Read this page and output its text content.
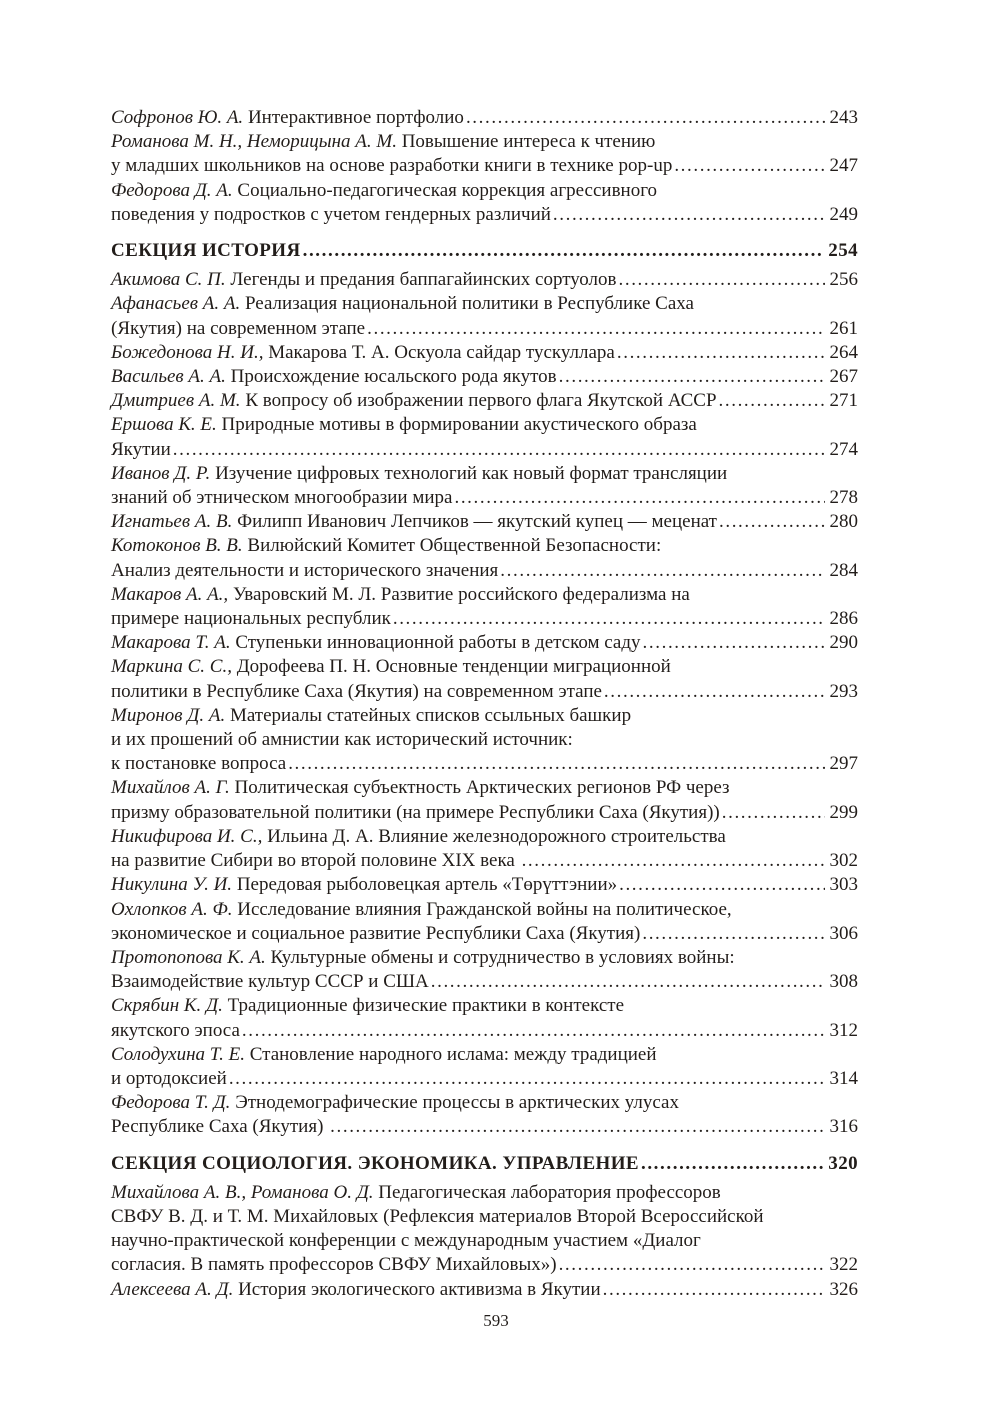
Софронов Ю. А. Интерактивное портфолио .....	243
Романова М. Н., Неморицына А. М. Повышение интереса к чтению
у младших школьников на основе разработки книги в технике pop-up .....	247
Федорова Д. А. Социально-педагогическая коррекция агрессивного
поведения у подростков с учетом гендерных различий .....	249
СЕКЦИЯ ИСТОРИЯ .....	254
Акимова С. П. Легенды и предания баппагайинских сортуолов .....	256
Афанасьев А. А. Реализация национальной политики в Республике Саха
(Якутия) на современном этапе .....	261
Божедонова Н. И., Макарова Т. А. Оскуола сайдар тускуллара .....	264
Васильев А. А. Происхождение юсальского рода якутов .....	267
Дмитриев А. М. К вопросу об изображении первого флага Якутской АССР .....	271
Ершова К. Е. Природные мотивы в формировании акустического образа
Якутии .....	274
Иванов Д. Р. Изучение цифровых технологий как новый формат трансляции
знаний об этническом многообразии мира .....	278
Игнатьев А. В. Филипп Иванович Лепчиков — якутский купец — меценат .....	280
Котоконов В. В. Вилюйский Комитет Общественной Безопасности:
Анализ деятельности и исторического значения .....	284
Макаров А. А., Уваровский М. Л. Развитие российского федерализма на
примере национальных республик .....	286
Макарова Т. А. Ступеньки инновационной работы в детском саду .....	290
Маркина С. С., Дорофеева П. Н. Основные тенденции миграционной
политики в Республике Саха (Якутия) на современном этапе .....	293
Миронов Д. А. Материалы статейных списков ссыльных башкир
и их прошений об амнистии как исторический источник:
к постановке вопроса .....	297
Михайлов А. Г. Политическая субъектность Арктических регионов РФ через
призму образовательной политики (на примере Республики Саха (Якутия)) .....	299
Никифирова И. С., Ильина Д. А. Влияние железнодорожного строительства
на развитие Сибири во второй половине XIX века .....	302
Никулина У. И. Передовая рыболовецкая артель «Төрүттэнии» .....	303
Охлопков А. Ф. Исследование влияния Гражданской войны на политическое,
экономическое и социальное развитие Республики Саха (Якутия) .....	306
Протопопова К. А. Культурные обмены и сотрудничество в условиях войны:
Взаимодействие культур СССР и США .....	308
Скрябин К. Д. Традиционные физические практики в контексте
якутского эпоса .....	312
Солодухина Т. Е. Становление народного ислама: между традицией
и ортодоксией .....	314
Федорова Т. Д. Этнодемографические процессы в арктических улусах
Республике Саха (Якутия) .....	316
СЕКЦИЯ СОЦИОЛОГИЯ. ЭКОНОМИКА. УПРАВЛЕНИЕ .....	320
Михайлова А. В., Романова О. Д. Педагогическая лаборатория профессоров
СВФУ В. Д. и Т. М. Михайловых (Рефлексия материалов Второй Всероссийской
научно-практической конференции с международным участием «Диалог
согласия. В память профессоров СВФУ Михайловых») .....	322
Алексеева А. Д. История экологического активизма в Якутии .....	326
593
